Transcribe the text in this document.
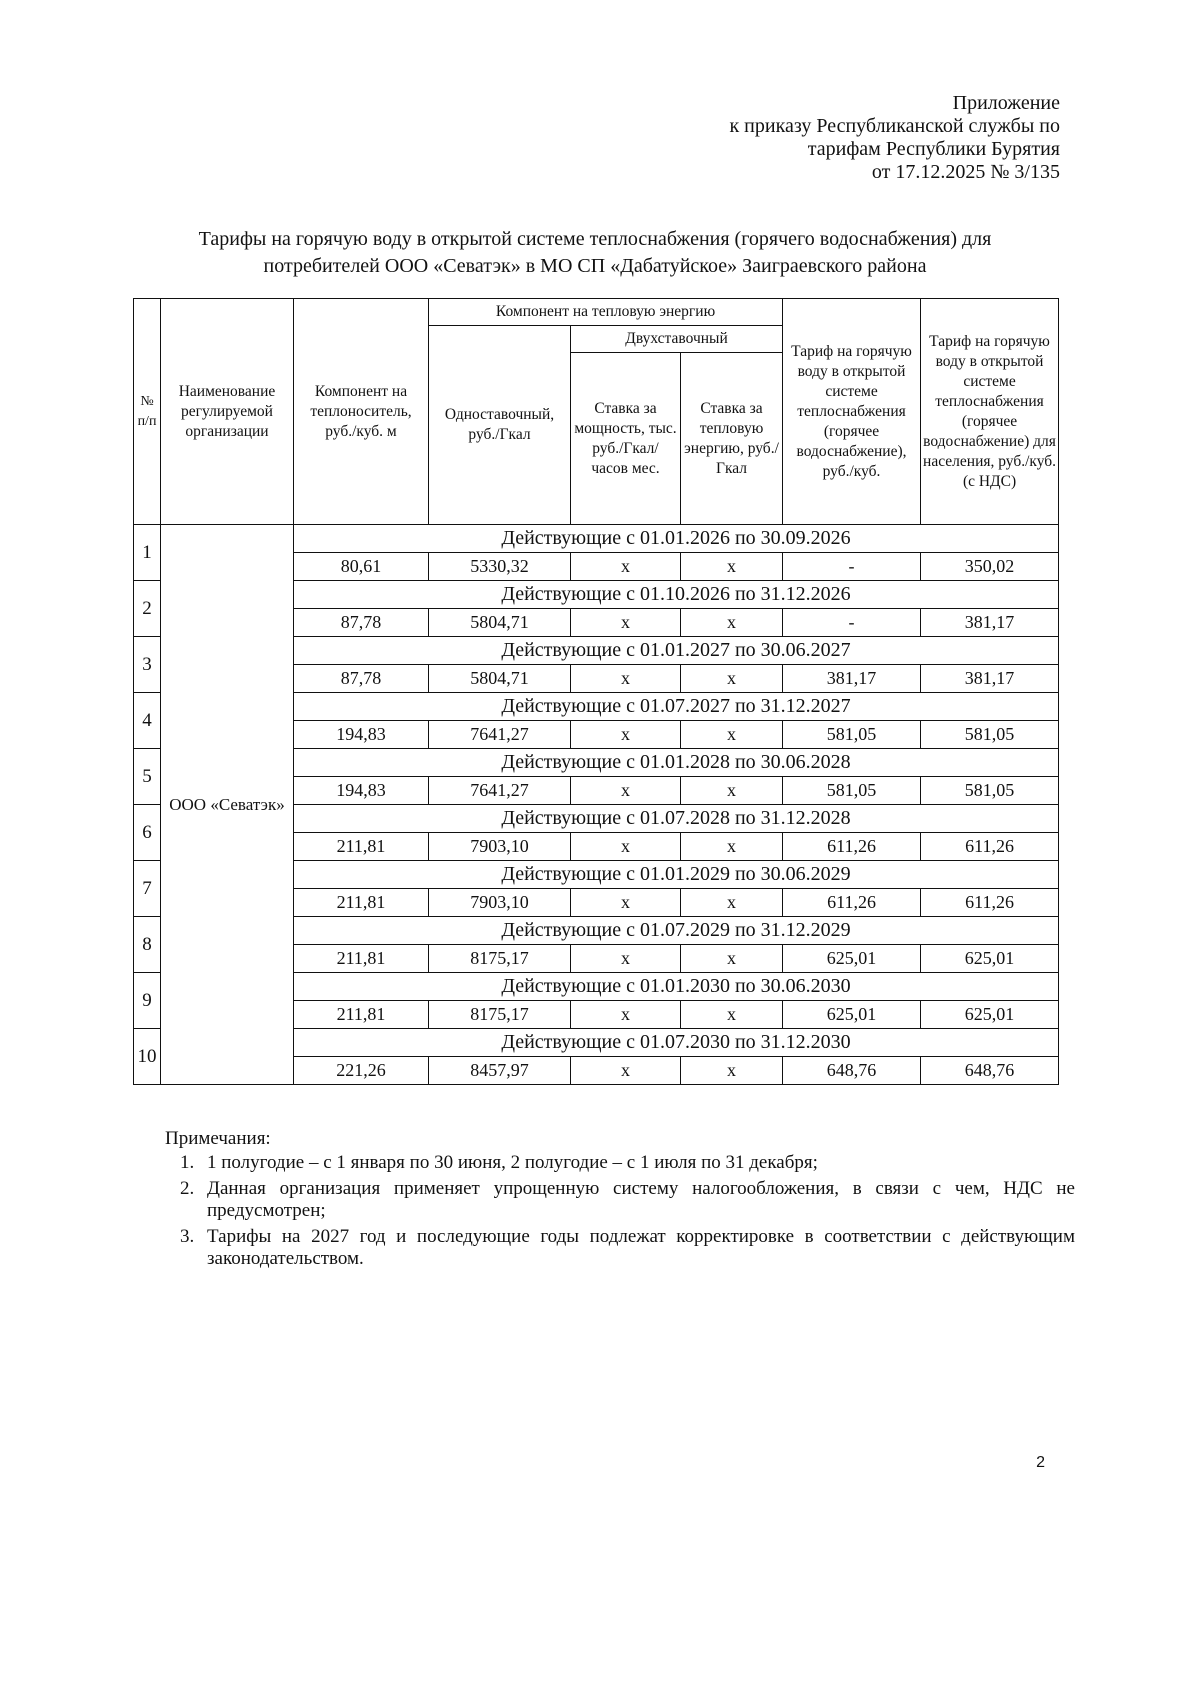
Приложение
к приказу Республиканской службы по
тарифам Республики Бурятия
от 17.12.2025 № 3/135
Тарифы на горячую воду в открытой системе теплоснабжения (горячего водоснабжения) для
потребителей ООО «Севатэк» в МО СП «Дабатуйское» Заиграевского района
№ п/п	Наименование регулируемой организации	Компонент на теплоноситель, руб./куб. м	Компонент на тепловую энергию			Тариф на горячую воду в открытой системе теплоснабжения (горячее водоснабжение), руб./куб.	Тариф на горячую воду в открытой системе теплоснабжения (горячее водоснабжение) для населения, руб./куб. (с НДС)
			Одноставочный, руб./Гкал	Двухставочный			
				Ставка за мощность, тыс. руб./Гкал/ часов мес.	Ставка за тепловую энергию, руб./Гкал		
1	ООО «Севатэк»	Действующие с 01.01.2026 по 30.09.2026					
		80,61	5330,32	х	х	-	350,02
2		Действующие с 01.10.2026 по 31.12.2026					
		87,78	5804,71	х	х	-	381,17
3		Действующие с 01.01.2027 по 30.06.2027					
		87,78	5804,71	х	х	381,17	381,17
4		Действующие с 01.07.2027 по 31.12.2027					
		194,83	7641,27	х	х	581,05	581,05
5		Действующие с 01.01.2028 по 30.06.2028					
		194,83	7641,27	х	х	581,05	581,05
6		Действующие с 01.07.2028 по 31.12.2028					
		211,81	7903,10	х	х	611,26	611,26
7		Действующие с 01.01.2029 по 30.06.2029					
		211,81	7903,10	х	х	611,26	611,26
8		Действующие с 01.07.2029 по 31.12.2029					
		211,81	8175,17	х	х	625,01	625,01
9		Действующие с 01.01.2030 по 30.06.2030					
		211,81	8175,17	х	х	625,01	625,01
10		Действующие с 01.07.2030 по 31.12.2030					
		221,26	8457,97	х	х	648,76	648,76
Примечания:
1. 1 полугодие – с 1 января по 30 июня, 2 полугодие – с 1 июля по 31 декабря;
2. Данная организация применяет упрощенную систему налогообложения, в связи с чем, НДС не предусмотрен;
3. Тарифы на 2027 год и последующие годы подлежат корректировке в соответствии с действующим законодательством.
2
